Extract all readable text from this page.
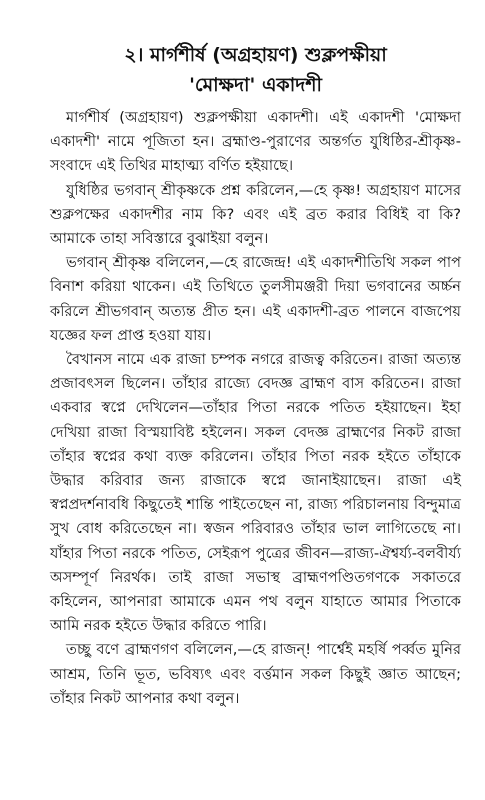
২। মার্গশীর্ষ (অগ্রহায়ণ) শুক্লপক্ষীয়া
'মোক্ষদা' একাদশী

মার্গশীর্ষ (অগ্রহায়ণ) শুক্লপক্ষীয়া একাদশী। এই একাদশী 'মোক্ষদা একাদশী' নামে পূজিতা হন। ব্রহ্মাণ্ড-পুরাণের অন্তর্গত যুধিষ্ঠির-শ্রীকৃষ্ণ-সংবাদে এই তিথির মাহাত্ম্য বর্ণিত হইয়াছে।

যুধিষ্ঠির ভগবান্ শ্রীকৃষ্ণকে প্রশ্ন করিলেন,—হে কৃষ্ণ! অগ্রহায়ণ মাসের শুক্লপক্ষের একাদশীর নাম কি? এবং এই ব্রত করার বিধিই বা কি? আমাকে তাহা সবিস্তারে বুঝাইয়া বলুন।

ভগবান্ শ্রীকৃষ্ণ বলিলেন,—হে রাজেন্দ্র! এই একাদশীতিথি সকল পাপ বিনাশ করিয়া থাকেন। এই তিথিতে তুলসীমঞ্জরী দিয়া ভগবানের অর্চ্চন করিলে শ্রীভগবান্ অত্যন্ত প্রীত হন। এই একাদশী-ব্রত পালনে বাজপেয় যজ্ঞের ফল প্রাপ্ত হওয়া যায়।

বৈখানস নামে এক রাজা চম্পক নগরে রাজত্ব করিতেন। রাজা অত্যন্ত প্রজাবৎসল ছিলেন। তাঁহার রাজ্যে বেদজ্ঞ ব্রাহ্মণ বাস করিতেন। রাজা একবার স্বপ্নে দেখিলেন—তাঁহার পিতা নরকে পতিত হইয়াছেন। ইহা দেখিয়া রাজা বিস্ময়াবিষ্ট হইলেন। সকল বেদজ্ঞ ব্রাহ্মণের নিকট রাজা তাঁহার স্বপ্নের কথা ব্যক্ত করিলেন। তাঁহার পিতা নরক হইতে তাঁহাকে উদ্ধার করিবার জন্য রাজাকে স্বপ্নে জানাইয়াছেন। রাজা এই স্বপ্নপ্রদর্শনাবধি কিছুতেই শান্তি পাইতেছেন না, রাজ্য পরিচালনায় বিন্দুমাত্র সুখ বোধ করিতেছেন না। স্বজন পরিবারও তাঁহার ভাল লাগিতেছে না। যাঁহার পিতা নরকে পতিত, সেইরূপ পুত্রের জীবন—রাজ্য-ঐশ্বর্য্য-বলবীর্য্য অসম্পূর্ণ নিরর্থক। তাই রাজা সভাস্থ ব্রাহ্মণপণ্ডিতগণকে সকাতরে কহিলেন, আপনারা আমাকে এমন পথ বলুন যাহাতে আমার পিতাকে আমি নরক হইতে উদ্ধার করিতে পারি।

তচ্ছু বণে ব্রাহ্মণগণ বলিলেন,—হে রাজন্! পার্শ্বেই মহর্ষি পর্ব্বত মুনির আশ্রম, তিনি ভূত, ভবিষ্যৎ এবং বর্ত্তমান সকল কিছুই জ্ঞাত আছেন; তাঁহার নিকট আপনার কথা বলুন।
